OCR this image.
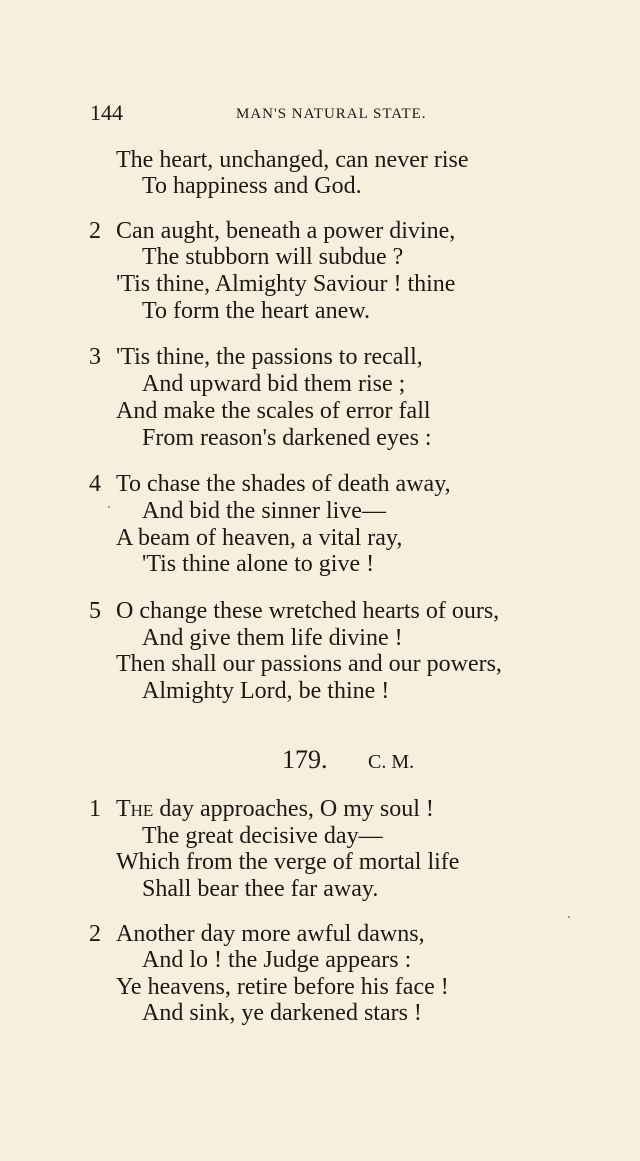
144	MAN'S NATURAL STATE.
The heart, unchanged, can never rise
To happiness and God.
2 Can aught, beneath a power divine,
The stubborn will subdue ?
'Tis thine, Almighty Saviour ! thine
To form the heart anew.
3 'Tis thine, the passions to recall,
And upward bid them rise ;
And make the scales of error fall
From reason's darkened eyes :
4 To chase the shades of death away,
And bid the sinner live—
A beam of heaven, a vital ray,
'Tis thine alone to give !
5 O change these wretched hearts of ours,
And give them life divine !
Then shall our passions and our powers,
Almighty Lord, be thine !
179. C. M.
1 The day approaches, O my soul !
The great decisive day—
Which from the verge of mortal life
Shall bear thee far away.
2 Another day more awful dawns,
And lo ! the Judge appears :
Ye heavens, retire before his face !
And sink, ye darkened stars !
